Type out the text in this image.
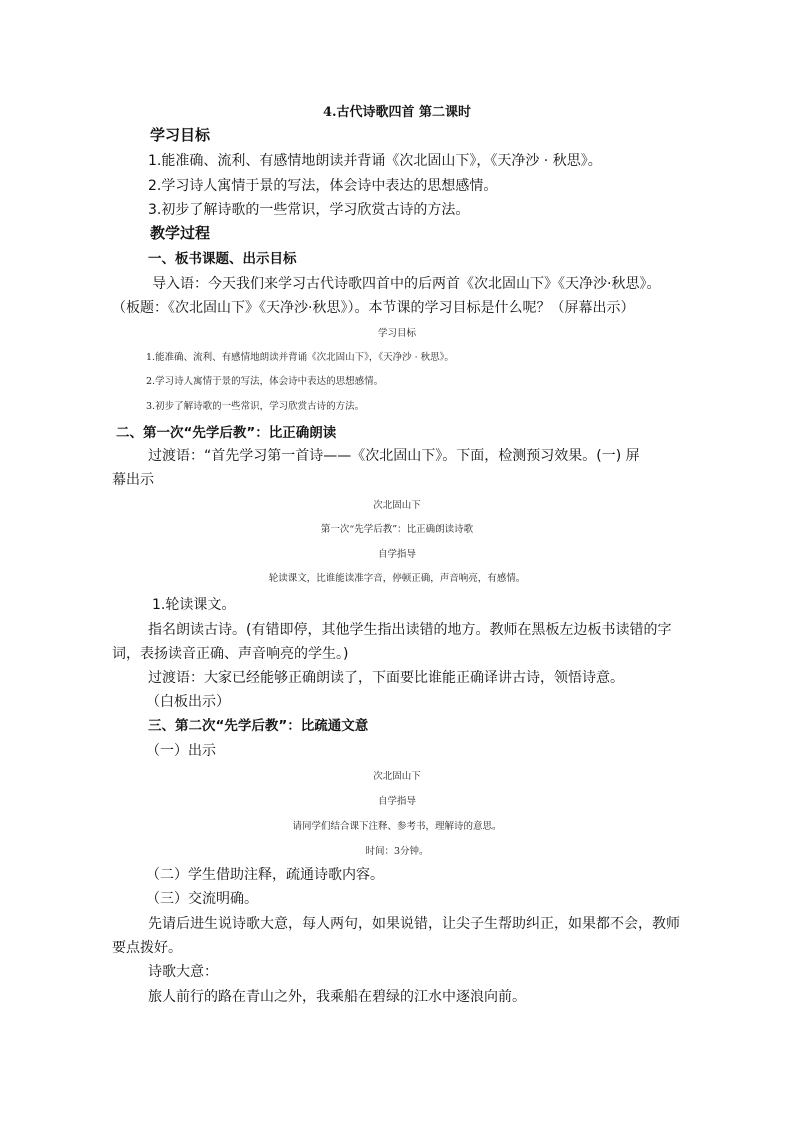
4.古代诗歌四首 第二课时
学习目标
1.能准确、流利、有感情地朗读并背诵《次北固山下》，《天净沙 · 秋思》。
2.学习诗人寓情于景的写法，体会诗中表达的思想感情。
3.初步了解诗歌的一些常识，学习欣赏古诗的方法。
教学过程
一、板书课题、出示目标
导入语：今天我们来学习古代诗歌四首中的后两首《次北固山下》《天净沙·秋思》。
（板题：《次北固山下》《天净沙·秋思》）。本节课的学习目标是什么呢？（屏幕出示）
学习目标
1.能准确、流利、有感情地朗读并背诵《次北固山下》，《天净沙 · 秋思》。
2.学习诗人寓情于景的写法，体会诗中表达的思想感情。
3.初步了解诗歌的一些常识，学习欣赏古诗的方法。
二、第一次“先学后教”：比正确朗读
过渡语：“首先学习第一首诗——《次北固山下》。下面，检测预习效果。(一) 屏
幕出示
次北固山下
第一次“先学后教”：比正确朗读诗歌
自学指导
轮读课文，比谁能读准字音，停顿正确，声音响亮，有感情。
1.轮读课文。
指名朗读古诗。(有错即停，其他学生指出读错的地方。教师在黑板左边板书读错的字
词，表扬读音正确、声音响亮的学生。)
过渡语：大家已经能够正确朗读了，下面要比谁能正确译讲古诗，领悟诗意。
（白板出示）
三、第二次“先学后教”：比疏通文意
（一）出示
次北固山下
自学指导
请同学们结合课下注释、参考书，理解诗的意思。
时间：3分钟。
（二）学生借助注释，疏通诗歌内容。
（三）交流明确。
先请后进生说诗歌大意，每人两句，如果说错，让尖子生帮助纠正，如果都不会，教师
要点拨好。
诗歌大意：
旅人前行的路在青山之外，我乘船在碧绿的江水中逐浪向前。
